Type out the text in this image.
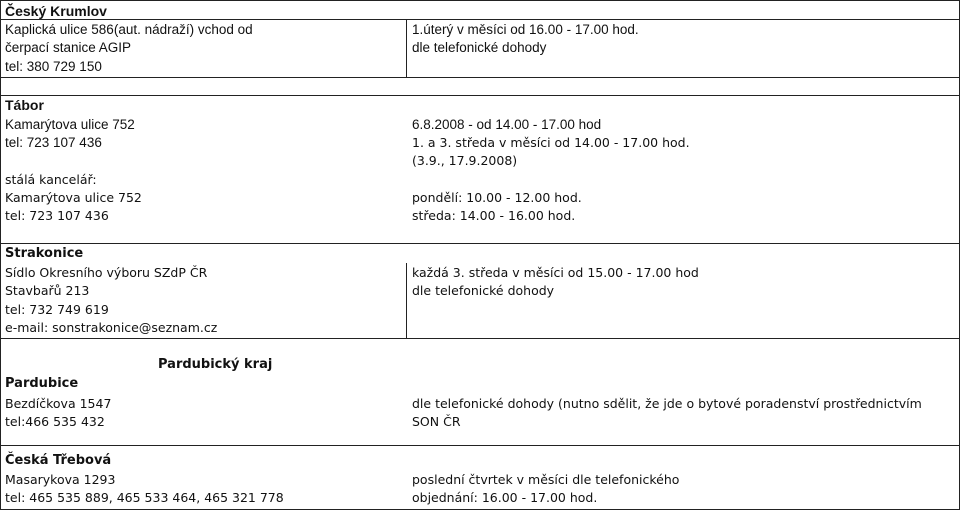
Český Krumlov
Kaplická ulice 586(aut. nádraží) vchod od
čerpací stanice AGIP
tel: 380 729 150
1.úterý v měsíci od 16.00 - 17.00 hod.
dle telefonické dohody
Tábor
Kamarýtova ulice 752
tel: 723 107 436
6.8.2008 - od 14.00 - 17.00 hod
1. a 3. středa v měsíci od 14.00 - 17.00 hod.
(3.9., 17.9.2008)
stálá kancelář:
Kamarýtova ulice 752
tel: 723 107 436
pondělí: 10.00 - 12.00 hod.
středa: 14.00 - 16.00 hod.
Strakonice
Sídlo Okresního výboru SZdP ČR
Stavbařů 213
tel: 732 749 619
e-mail: sonstrakonice@seznam.cz
každá 3. středa v měsíci od 15.00 - 17.00 hod
dle telefonické dohody
Pardubický kraj
Pardubice
Bezdíčkova 1547
tel:466 535 432
dle telefonické dohody (nutno sdělit, že jde o bytové poradenství prostřednictvím
SON ČR
Česká Třebová
Masarykova 1293
tel: 465 535 889, 465 533 464, 465 321 778
poslední čtvrtek v měsíci dle telefonického
objednání: 16.00 - 17.00 hod.
